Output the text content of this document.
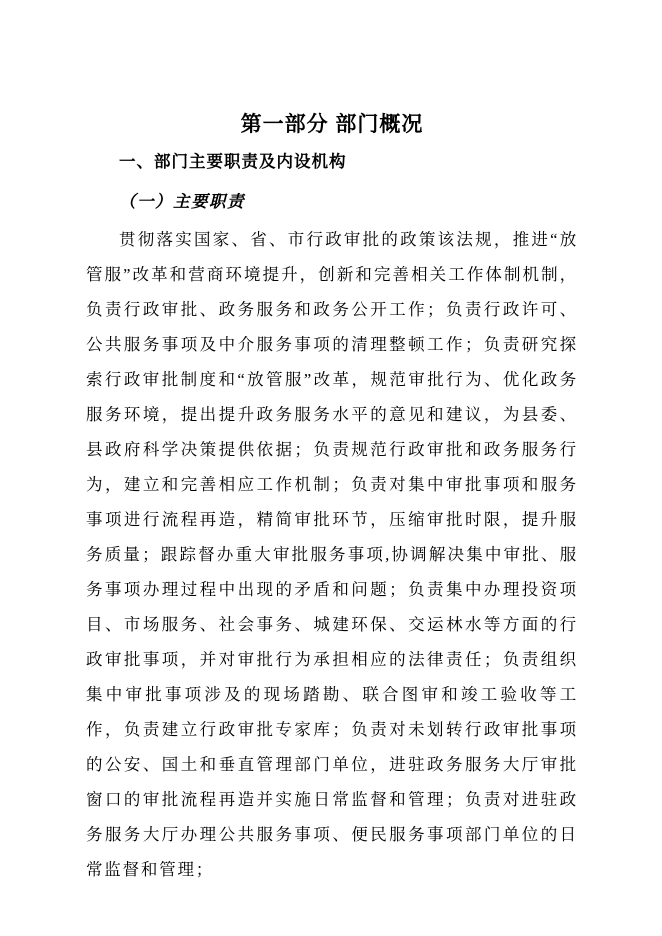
第一部分 部门概况
一、部门主要职责及内设机构
（一）主要职责

贯彻落实国家、省、市行政审批的政策该法规，推进“放管服”改革和营商环境提升，创新和完善相关工作体制机制，负责行政审批、政务服务和政务公开工作；负责行政许可、公共服务事项及中介服务事项的清理整顿工作；负责研究探索行政审批制度和“放管服”改革，规范审批行为、优化政务服务环境，提出提升政务服务水平的意见和建议，为县委、县政府科学决策提供依据；负责规范行政审批和政务服务行为，建立和完善相应工作机制；负责对集中审批事项和服务事项进行流程再造，精简审批环节，压缩审批时限，提升服务质量；跟踪督办重大审批服务事项,协调解决集中审批、服务事项办理过程中出现的矛盾和问题；负责集中办理投资项目、市场服务、社会事务、城建环保、交运林水等方面的行政审批事项，并对审批行为承担相应的法律责任；负责组织集中审批事项涉及的现场踏勘、联合图审和竣工验收等工作，负责建立行政审批专家库；负责对未划转行政审批事项的公安、国土和垂直管理部门单位，进驻政务服务大厅审批窗口的审批流程再造并实施日常监督和管理；负责对进驻政务服务大厅办理公共服务事项、便民服务事项部门单位的日常监督和管理；
